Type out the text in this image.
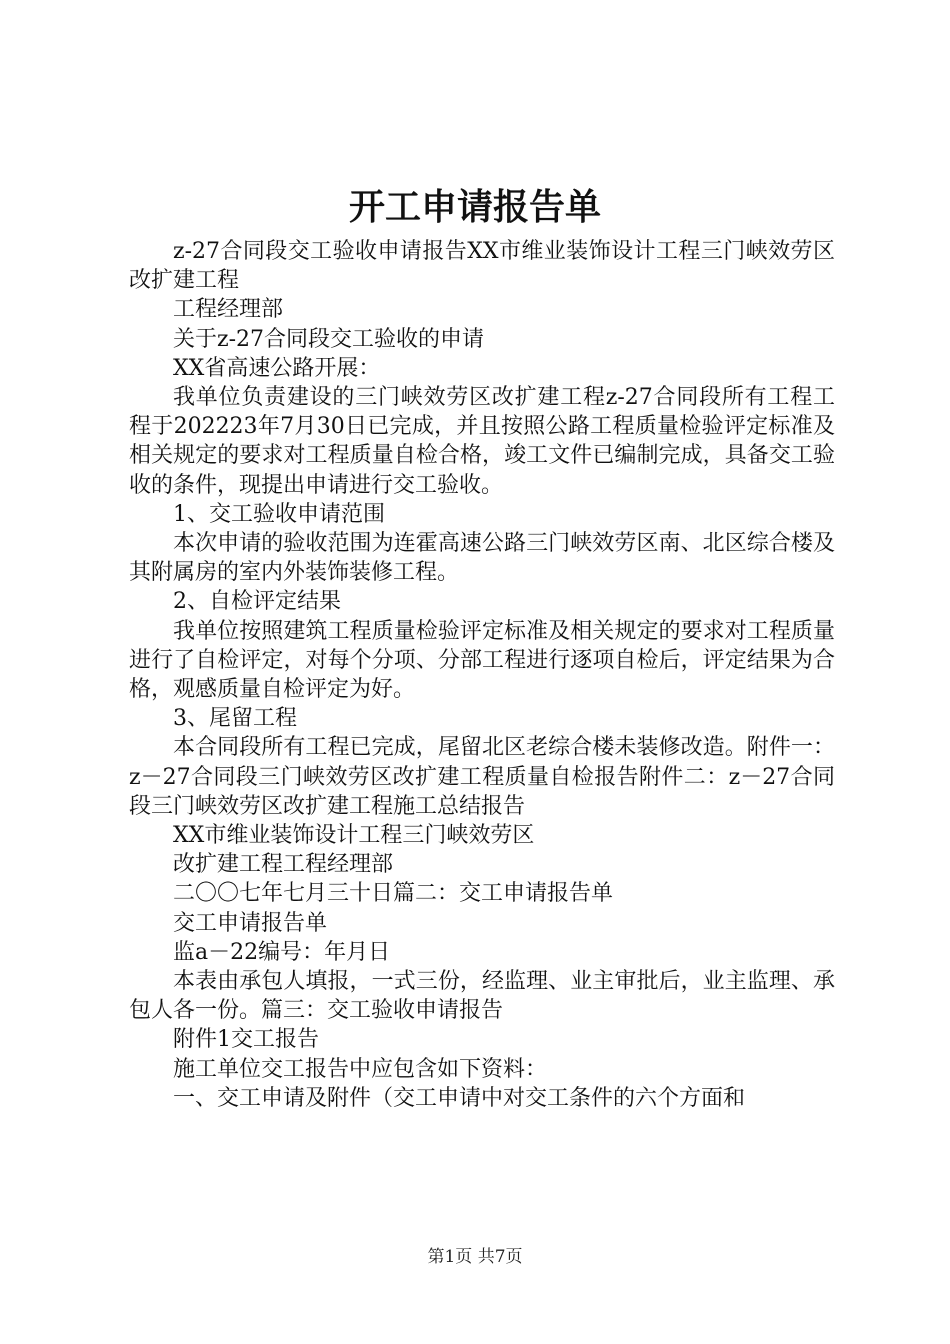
开工申请报告单

z-27合同段交工验收申请报告XX市维业装饰设计工程三门峡效劳区改扩建工程

工程经理部

关于z-27合同段交工验收的申请

XX省高速公路开展：

我单位负责建设的三门峡效劳区改扩建工程z-27合同段所有工程工程于202223年7月30日已完成，并且按照公路工程质量检验评定标准及相关规定的要求对工程质量自检合格，竣工文件已编制完成，具备交工验收的条件，现提出申请进行交工验收。

1、交工验收申请范围

本次申请的验收范围为连霍高速公路三门峡效劳区南、北区综合楼及其附属房的室内外装饰装修工程。

2、自检评定结果

我单位按照建筑工程质量检验评定标准及相关规定的要求对工程质量进行了自检评定，对每个分项、分部工程进行逐项自检后，评定结果为合格，观感质量自检评定为好。

3、尾留工程

本合同段所有工程已完成，尾留北区老综合楼未装修改造。附件一：z－27合同段三门峡效劳区改扩建工程质量自检报告附件二：z－27合同段三门峡效劳区改扩建工程施工总结报告

XX市维业装饰设计工程三门峡效劳区

改扩建工程工程经理部

二〇〇七年七月三十日篇二：交工申请报告单

交工申请报告单

监a－22编号：年月日

本表由承包人填报，一式三份，经监理、业主审批后，业主监理、承包人各一份。篇三：交工验收申请报告

附件1交工报告

施工单位交工报告中应包含如下资料：

一、交工申请及附件（交工申请中对交工条件的六个方面和

第1页 共7页
